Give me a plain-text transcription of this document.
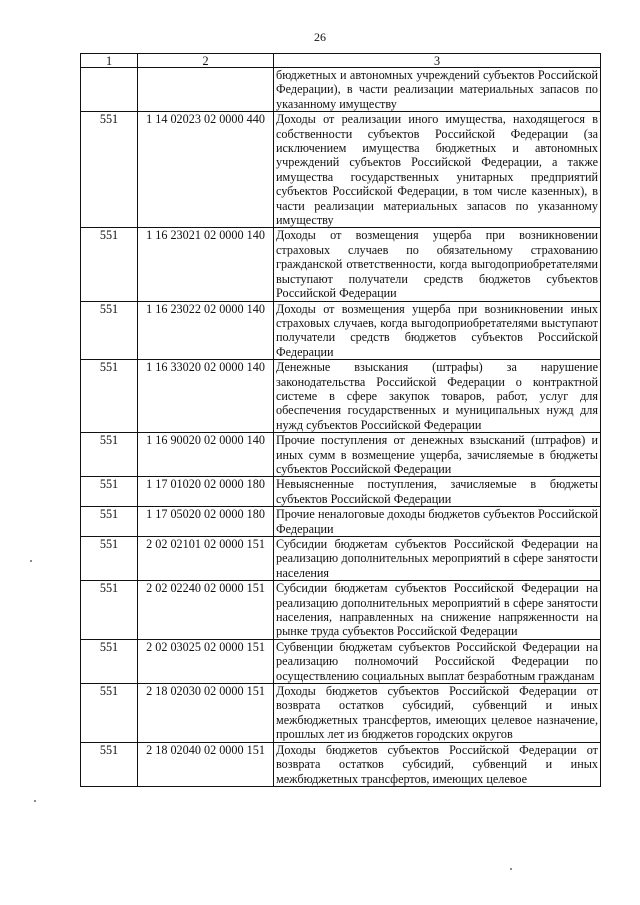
26
1	2	3
		бюджетных и автономных учреждений субъектов Российской Федерации), в части реализации материальных запасов по указанному имуществу
551	1 14 02023 02 0000 440	Доходы от реализации иного имущества, находящегося в собственности субъектов Российской Федерации (за исключением имущества бюджетных и автономных учреждений субъектов Российской Федерации, а также имущества государственных унитарных предприятий субъектов Российской Федерации, в том числе казенных), в части реализации материальных запасов по указанному имуществу
551	1 16 23021 02 0000 140	Доходы от возмещения ущерба при возникновении страховых случаев по обязательному страхованию гражданской ответственности, когда выгодоприобретателями выступают получатели средств бюджетов субъектов Российской Федерации
551	1 16 23022 02 0000 140	Доходы от возмещения ущерба при возникновении иных страховых случаев, когда выгодоприобретателями выступают получатели средств бюджетов субъектов Российской Федерации
551	1 16 33020 02 0000 140	Денежные взыскания (штрафы) за нарушение законодательства Российской Федерации о контрактной системе в сфере закупок товаров, работ, услуг для обеспечения государственных и муниципальных нужд для нужд субъектов Российской Федерации
551	1 16 90020 02 0000 140	Прочие поступления от денежных взысканий (штрафов) и иных сумм в возмещение ущерба, зачисляемые в бюджеты субъектов Российской Федерации
551	1 17 01020 02 0000 180	Невыясненные поступления, зачисляемые в бюджеты субъектов Российской Федерации
551	1 17 05020 02 0000 180	Прочие неналоговые доходы бюджетов субъектов Российской Федерации
551	2 02 02101 02 0000 151	Субсидии бюджетам субъектов Российской Федерации на реализацию дополнительных мероприятий в сфере занятости населения
551	2 02 02240 02 0000 151	Субсидии бюджетам субъектов Российской Федерации на реализацию дополнительных мероприятий в сфере занятости населения, направленных на снижение напряженности на рынке труда субъектов Российской Федерации
551	2 02 03025 02 0000 151	Субвенции бюджетам субъектов Российской Федерации на реализацию полномочий Российской Федерации по осуществлению социальных выплат безработным гражданам
551	2 18 02030 02 0000 151	Доходы бюджетов субъектов Российской Федерации от возврата остатков субсидий, субвенций и иных межбюджетных трансфертов, имеющих целевое назначение, прошлых лет из бюджетов городских округов
551	2 18 02040 02 0000 151	Доходы бюджетов субъектов Российской Федерации от возврата остатков субсидий, субвенций и иных межбюджетных трансфертов, имеющих целевое
